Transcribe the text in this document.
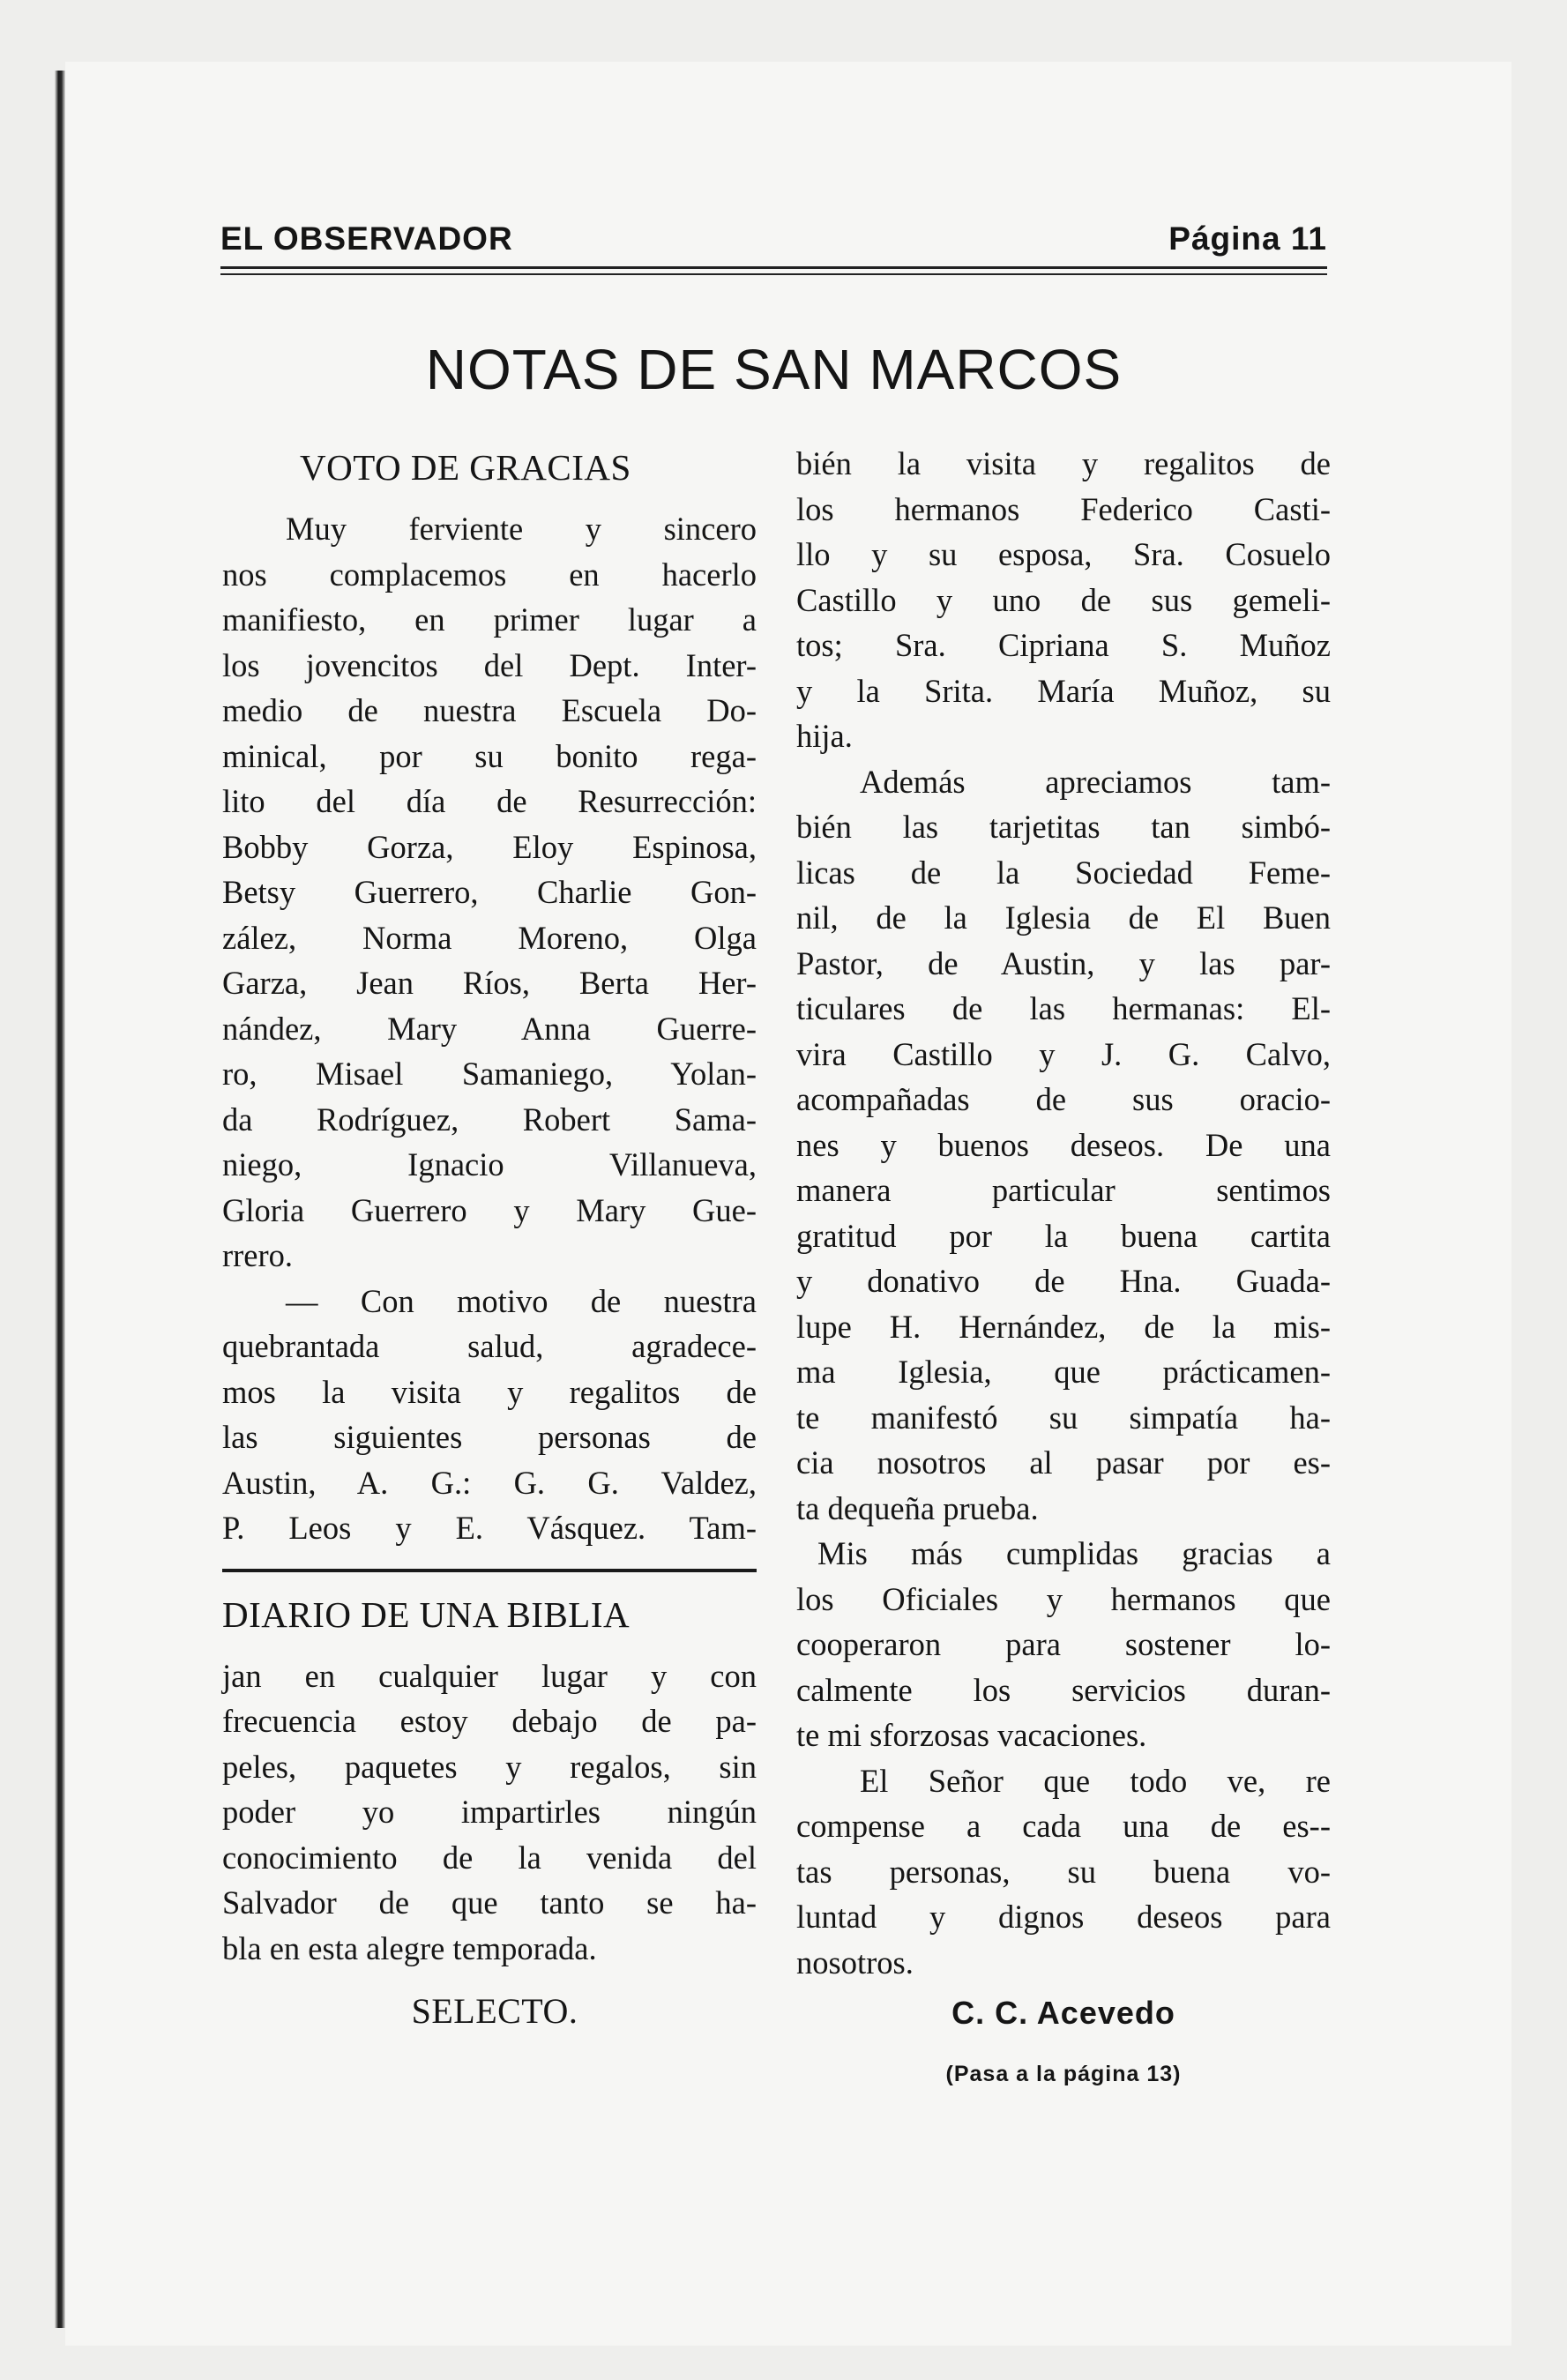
EL OBSERVADOR	Página 11
NOTAS DE SAN MARCOS
VOTO DE GRACIAS
Muy ferviente y sincero
nos complacemos en hacerlo
manifiesto, en primer lugar a
los jovencitos del Dept. Inter-
medio de nuestra Escuela Do-
minical, por su bonito rega-
lito del día de Resurrección:
Bobby Gorza, Eloy Espinosa,
Betsy Guerrero, Charlie Gon-
zález, Norma Moreno, Olga
Garza, Jean Ríos, Berta Her-
nández, Mary Anna Guerre-
ro, Misael Samaniego, Yolan-
da Rodríguez, Robert Sama-
niego, Ignacio Villanueva,
Gloria Guerrero y Mary Gue-
rrero.
— Con motivo de nuestra
quebrantada salud, agradece-
mos la visita y regalitos de
las siguientes personas de
Austin, A. G.: G. G. Valdez,
P. Leos y E. Vásquez. Tam-
DIARIO DE UNA BIBLIA
jan en cualquier lugar y con
frecuencia estoy debajo de pa-
peles, paquetes y regalos, sin
poder yo impartirles ningún
conocimiento de la venida del
Salvador de que tanto se ha-
bla en esta alegre temporada.
SELECTO.
bién la visita y regalitos de
los hermanos Federico Casti-
llo y su esposa, Sra. Cosuelo
Castillo y uno de sus gemeli-
tos; Sra. Cipriana S. Muñoz
y la Srita. María Muñoz, su
hija.
Además apreciamos tam-
bién las tarjetitas tan simbó-
licas de la Sociedad Feme-
nil, de la Iglesia de El Buen
Pastor, de Austin, y las par-
ticulares de las hermanas: El-
vira Castillo y J. G. Calvo,
acompañadas de sus oracio-
nes y buenos deseos. De una
manera particular sentimos
gratitud por la buena cartita
y donativo de Hna. Guada-
lupe H. Hernández, de la mis-
ma Iglesia, que prácticamen-
te manifestó su simpatía ha-
cia nosotros al pasar por es-
ta dequeña prueba.
Mis más cumplidas gracias a
los Oficiales y hermanos que
cooperaron para sostener lo-
calmente los servicios duran-
te mi sforzosas vacaciones.
El Señor que todo ve, re
compense a cada una de es--
tas personas, su buena vo-
luntad y dignos deseos para
nosotros.
C. C. Acevedo
(Pasa a la página 13)
